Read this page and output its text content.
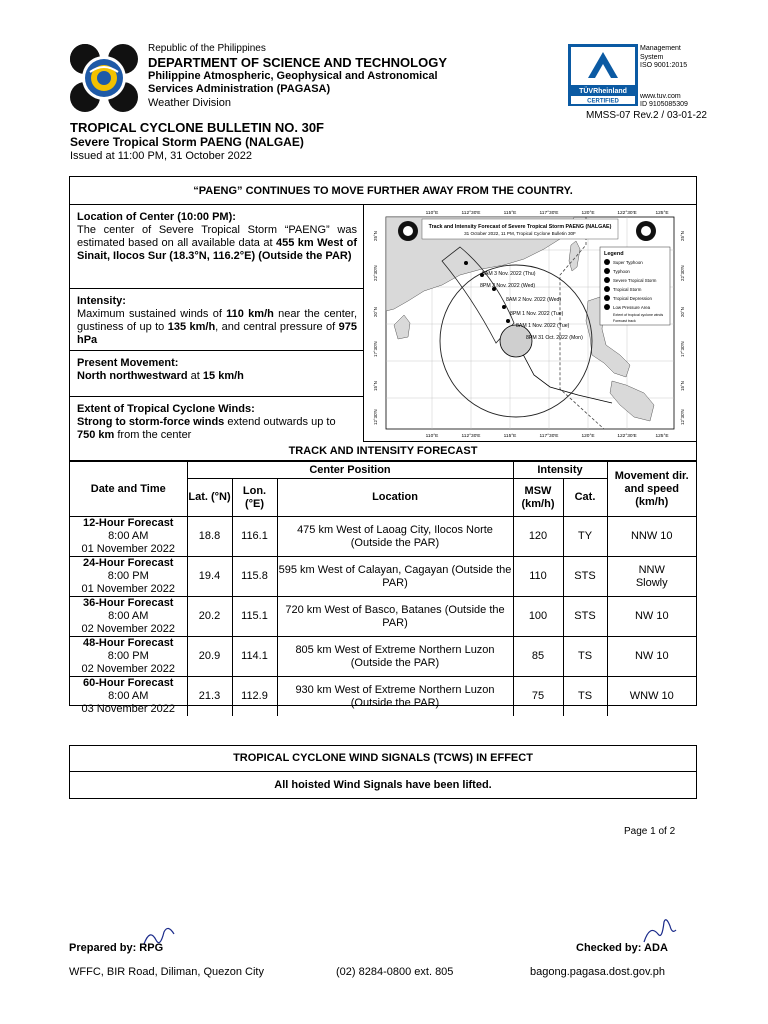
Republic of the Philippines
DEPARTMENT OF SCIENCE AND TECHNOLOGY
Philippine Atmospheric, Geophysical and Astronomical
Services Administration (PAGASA)
Weather Division
TÜVRheinland
CERTIFIED
Management
System
ISO 9001:2015
www.tuv.com
ID 9105085309
MMSS-07 Rev.2 / 03-01-22
TROPICAL CYCLONE BULLETIN NO. 30F
Severe Tropical Storm PAENG (NALGAE)
Issued at 11:00 PM, 31 October 2022
“PAENG” CONTINUES TO MOVE FURTHER AWAY FROM THE COUNTRY.
Location of Center (10:00 PM):
The center of Severe Tropical Storm “PAENG” was estimated based on all available data at 455 km West of Sinait, Ilocos Sur (18.3°N, 116.2°E) (Outside the PAR)
Intensity:
Maximum sustained winds of 110 km/h near the center, gustiness of up to 135 km/h, and central pressure of 975 hPa
Present Movement:
North northwestward at 15 km/h
Extent of Tropical Cyclone Winds:
Strong to storm-force winds extend outwards up to
750 km from the center
8AM 3 Nov. 2022 (Thu)
8PM 2 Nov. 2022 (Wed)
8AM 2 Nov. 2022 (Wed)
8PM 1 Nov. 2022 (Tue)
8AM 1 Nov. 2022 (Tue)
8PM 31 Oct. 2022 (Mon)
Track and Intensity Forecast of Severe Tropical Storm PAENG (NALGAE)
31 October 2022, 11 PM, Tropical Cyclone Bulletin 30F
Legend
Super Typhoon
Typhoon
Severe Tropical Storm
Tropical Storm
Tropical Depression
Low Pressure Area
Extent of tropical cyclone winds
Forecast track
110°E	112°30'E	115°E	117°30'E	120°E	122°30'E	125°E
110°E	112°30'E	115°E	117°30'E	120°E	122°30'E	125°E
25°N
22°30'N
20°N
17°30'N
15°N
12°30'N
25°N
22°30'N
20°N
17°30'N
15°N
12°30'N
TRACK AND INTENSITY FORECAST
Date and Time	Center Position			Intensity		Movement dir. and speed (km/h)
	Lat. (°N)	Lon. (°E)	Location	MSW (km/h)	Cat.	
12-Hour Forecast
8:00 AM
01 November 2022	18.8	116.1	475 km West of Laoag City, Ilocos Norte (Outside the PAR)	120	TY	NNW 10
24-Hour Forecast
8:00 PM
01 November 2022	19.4	115.8	595 km West of Calayan, Cagayan (Outside the PAR)	110	STS	NNW Slowly
36-Hour Forecast
8:00 AM
02 November 2022	20.2	115.1	720 km West of Basco, Batanes (Outside the PAR)	100	STS	NW 10
48-Hour Forecast
8:00 PM
02 November 2022	20.9	114.1	805 km West of Extreme Northern Luzon (Outside the PAR)	85	TS	NW 10
60-Hour Forecast
8:00 AM
03 November 2022	21.3	112.9	930 km West of Extreme Northern Luzon (Outside the PAR)	75	TS	WNW 10
TROPICAL CYCLONE WIND SIGNALS (TCWS) IN EFFECT
All hoisted Wind Signals have been lifted.
Page 1 of 2
Prepared by: RPG	Checked by: ADA
WFFC, BIR Road, Diliman, Quezon City	(02) 8284-0800 ext. 805	bagong.pagasa.dost.gov.ph
